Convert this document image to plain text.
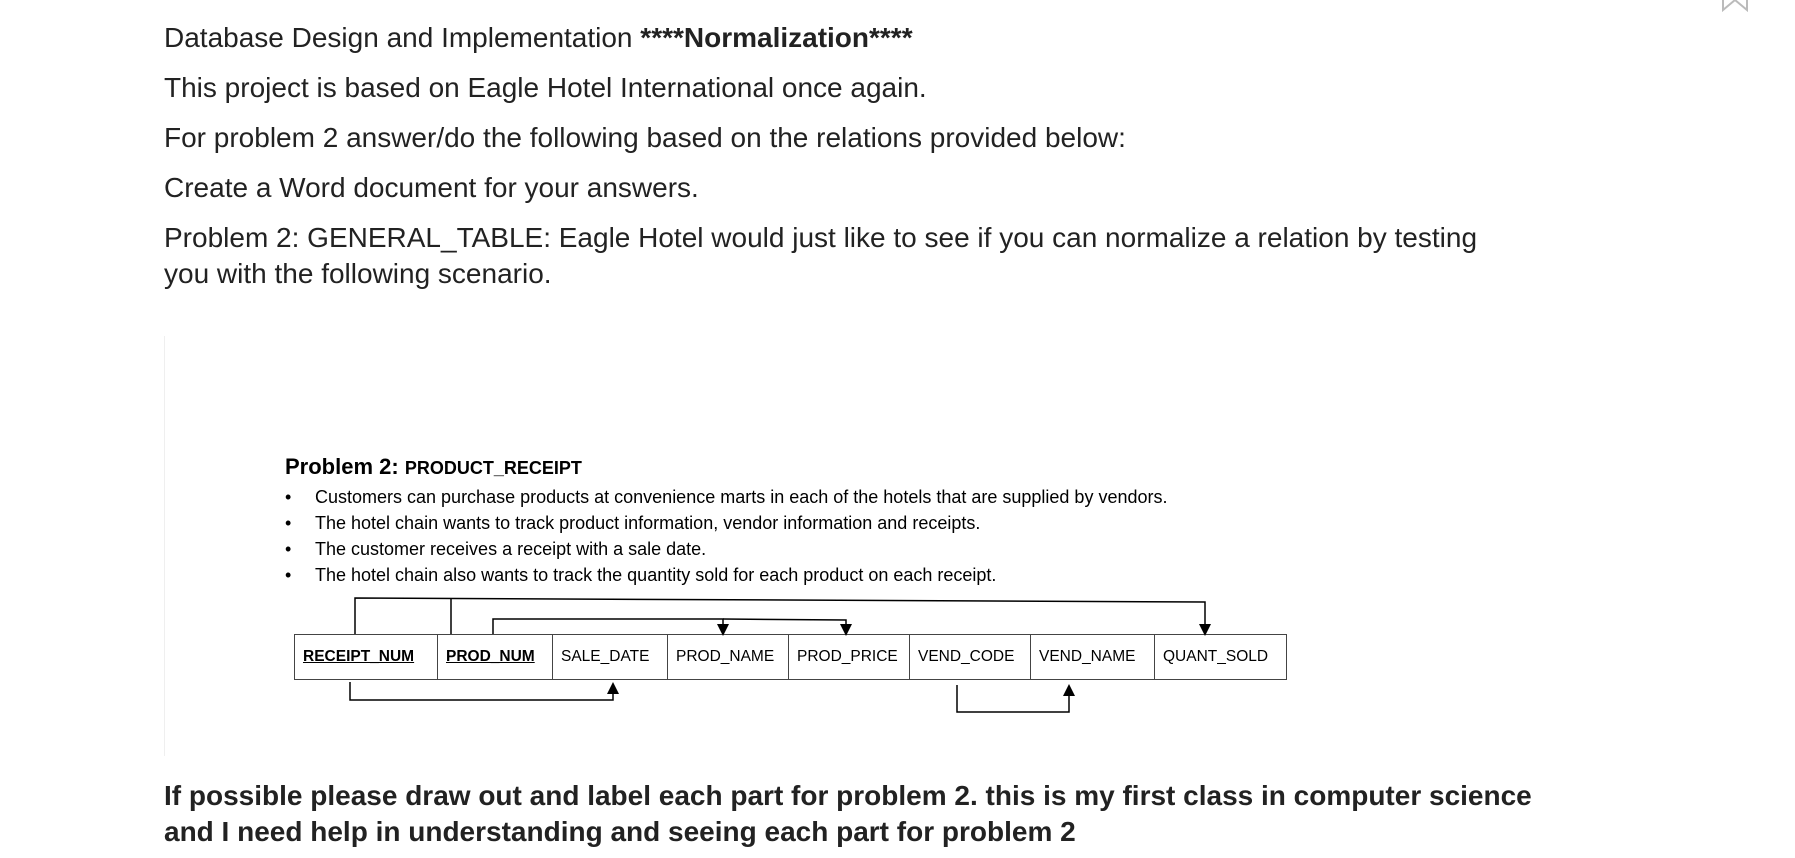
Database Design and Implementation ****Normalization****

This project is based on Eagle Hotel International once again.

For problem 2 answer/do the following based on the relations provided below:

Create a Word document for your answers.

Problem 2: GENERAL_TABLE: Eagle Hotel would just like to see if you can normalize a relation by testing

you with the following scenario.

Problem 2: PRODUCT_RECEIPT
• Customers can purchase products at convenience marts in each of the hotels that are supplied by vendors.
• The hotel chain wants to track product information, vendor information and receipts.
• The customer receives a receipt with a sale date.
• The hotel chain also wants to track the quantity sold for each product on each receipt.
RECEIPT_NUM	PROD_NUM	SALE_DATE	PROD_NAME	PROD_PRICE	VEND_CODE	VEND_NAME	QUANT_SOLD

If possible please draw out and label each part for problem 2. this is my first class in computer science

and I need help in understanding and seeing each part for problem 2
